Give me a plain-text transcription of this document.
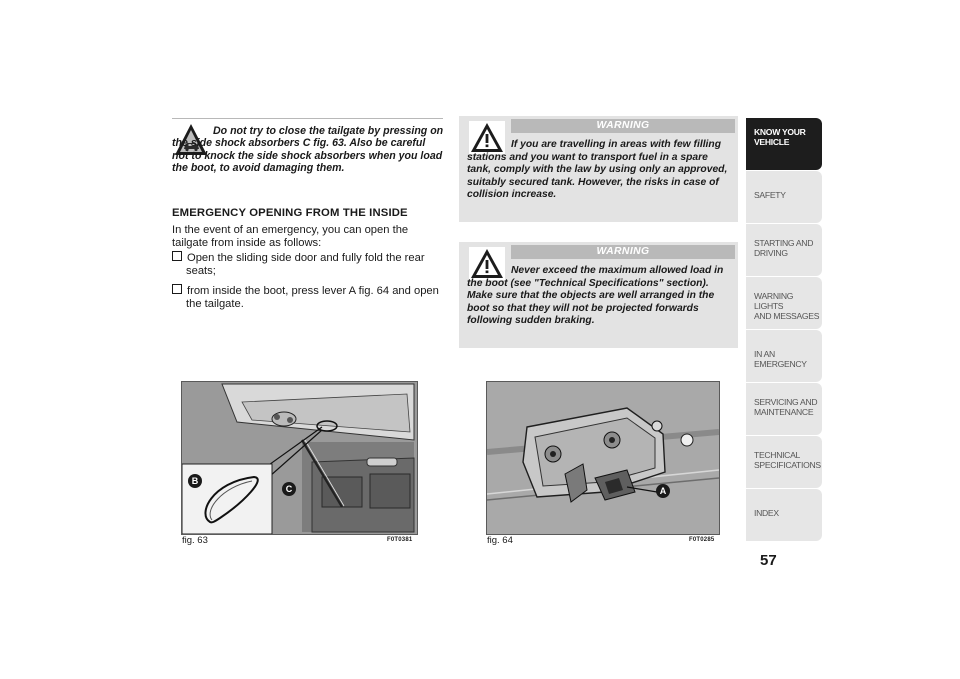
Do not try to close the tailgate by pressing on the side shock absorbers C fig. 63. Also be careful not to knock the side shock absorbers when you load the boot, to avoid damaging them.
EMERGENCY OPENING FROM THE INSIDE
In the event of an emergency, you can open the tailgate from inside as follows:
Open the sliding side door and fully fold the rear seats;
from inside the boot, press lever A fig. 64 and open the tailgate.
WARNING
If you are travelling in areas with few filling stations and you want to transport fuel in a spare tank, comply with the law by using only an approved, suitably secured tank. However, the risks in case of collision increase.
WARNING
Never exceed the maximum allowed load in the boot (see "Technical Specifications" section). Make sure that the objects are well arranged in the boot so that they will not be projected forwards following sudden braking.
B
C
fig. 63	F0T0381
A
fig. 64	F0T0285
KNOW YOUR
VEHICLE
SAFETY
STARTING AND
DRIVING
WARNING LIGHTS
AND MESSAGES
IN AN EMERGENCY
SERVICING AND
MAINTENANCE
TECHNICAL
SPECIFICATIONS
INDEX
57
